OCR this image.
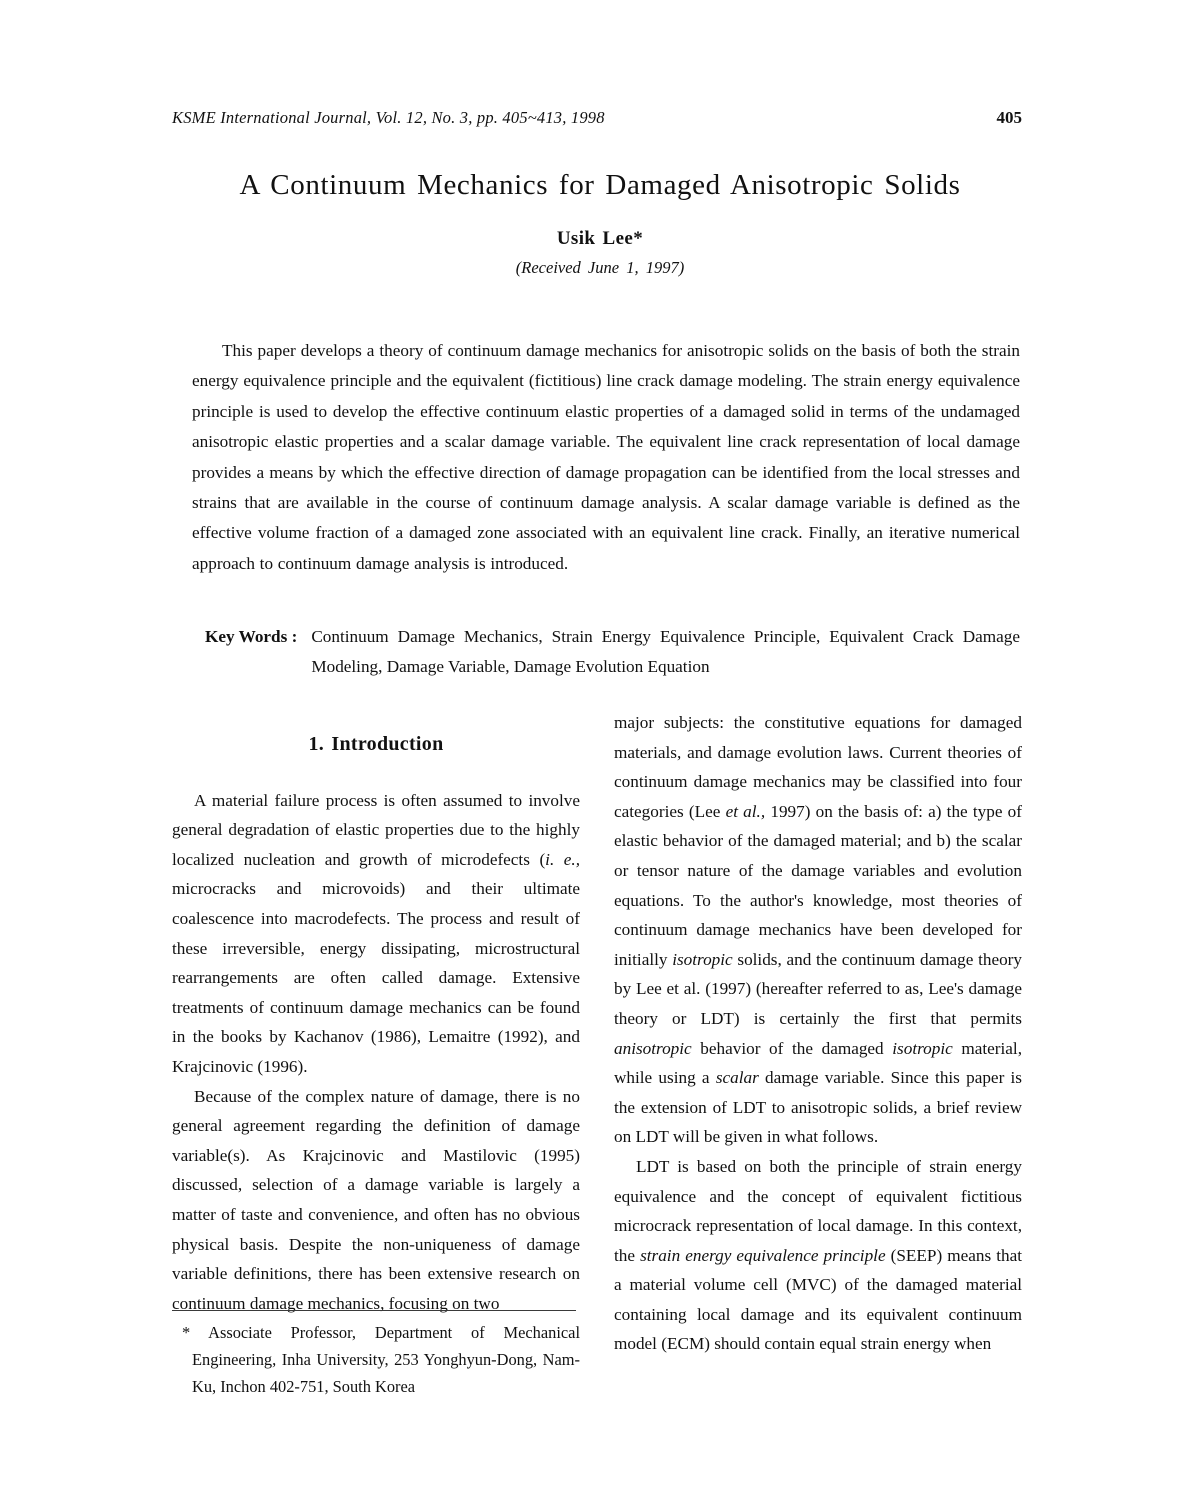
KSME International Journal, Vol. 12, No. 3, pp. 405~413, 1998	405
A Continuum Mechanics for Damaged Anisotropic Solids
Usik Lee*
(Received June 1, 1997)
This paper develops a theory of continuum damage mechanics for anisotropic solids on the basis of both the strain energy equivalence principle and the equivalent (fictitious) line crack damage modeling. The strain energy equivalence principle is used to develop the effective continuum elastic properties of a damaged solid in terms of the undamaged anisotropic elastic properties and a scalar damage variable. The equivalent line crack representation of local damage provides a means by which the effective direction of damage propagation can be identified from the local stresses and strains that are available in the course of continuum damage analysis. A scalar damage variable is defined as the effective volume fraction of a damaged zone associated with an equivalent line crack. Finally, an iterative numerical approach to continuum damage analysis is introduced.
Key Words : Continuum Damage Mechanics, Strain Energy Equivalence Principle, Equivalent Crack Damage Modeling, Damage Variable, Damage Evolution Equation
1. Introduction

A material failure process is often assumed to involve general degradation of elastic properties due to the highly localized nucleation and growth of microdefects (i. e., microcracks and microvoids) and their ultimate coalescence into macrodefects. The process and result of these irreversible, energy dissipating, microstructural rearrangements are often called damage. Extensive treatments of continuum damage mechanics can be found in the books by Kachanov (1986), Lemaitre (1992), and Krajcinovic (1996).

Because of the complex nature of damage, there is no general agreement regarding the definition of damage variable(s). As Krajcinovic and Mastilovic (1995) discussed, selection of a damage variable is largely a matter of taste and convenience, and often has no obvious physical basis. Despite the non-uniqueness of damage variable definitions, there has been extensive research on continuum damage mechanics, focusing on two

major subjects: the constitutive equations for damaged materials, and damage evolution laws. Current theories of continuum damage mechanics may be classified into four categories (Lee et al., 1997) on the basis of: a) the type of elastic behavior of the damaged material; and b) the scalar or tensor nature of the damage variables and evolution equations. To the author's knowledge, most theories of continuum damage mechanics have been developed for initially isotropic solids, and the continuum damage theory by Lee et al. (1997) (hereafter referred to as, Lee's damage theory or LDT) is certainly the first that permits anisotropic behavior of the damaged isotropic material, while using a scalar damage variable. Since this paper is the extension of LDT to anisotropic solids, a brief review on LDT will be given in what follows.

LDT is based on both the principle of strain energy equivalence and the concept of equivalent fictitious microcrack representation of local damage. In this context, the strain energy equivalence principle (SEEP) means that a material volume cell (MVC) of the damaged material containing local damage and its equivalent continuum model (ECM) should contain equal strain energy when

* Associate Professor, Department of Mechanical Engineering, Inha University, 253 Yonghyun-Dong, Nam-Ku, Inchon 402-751, South Korea
